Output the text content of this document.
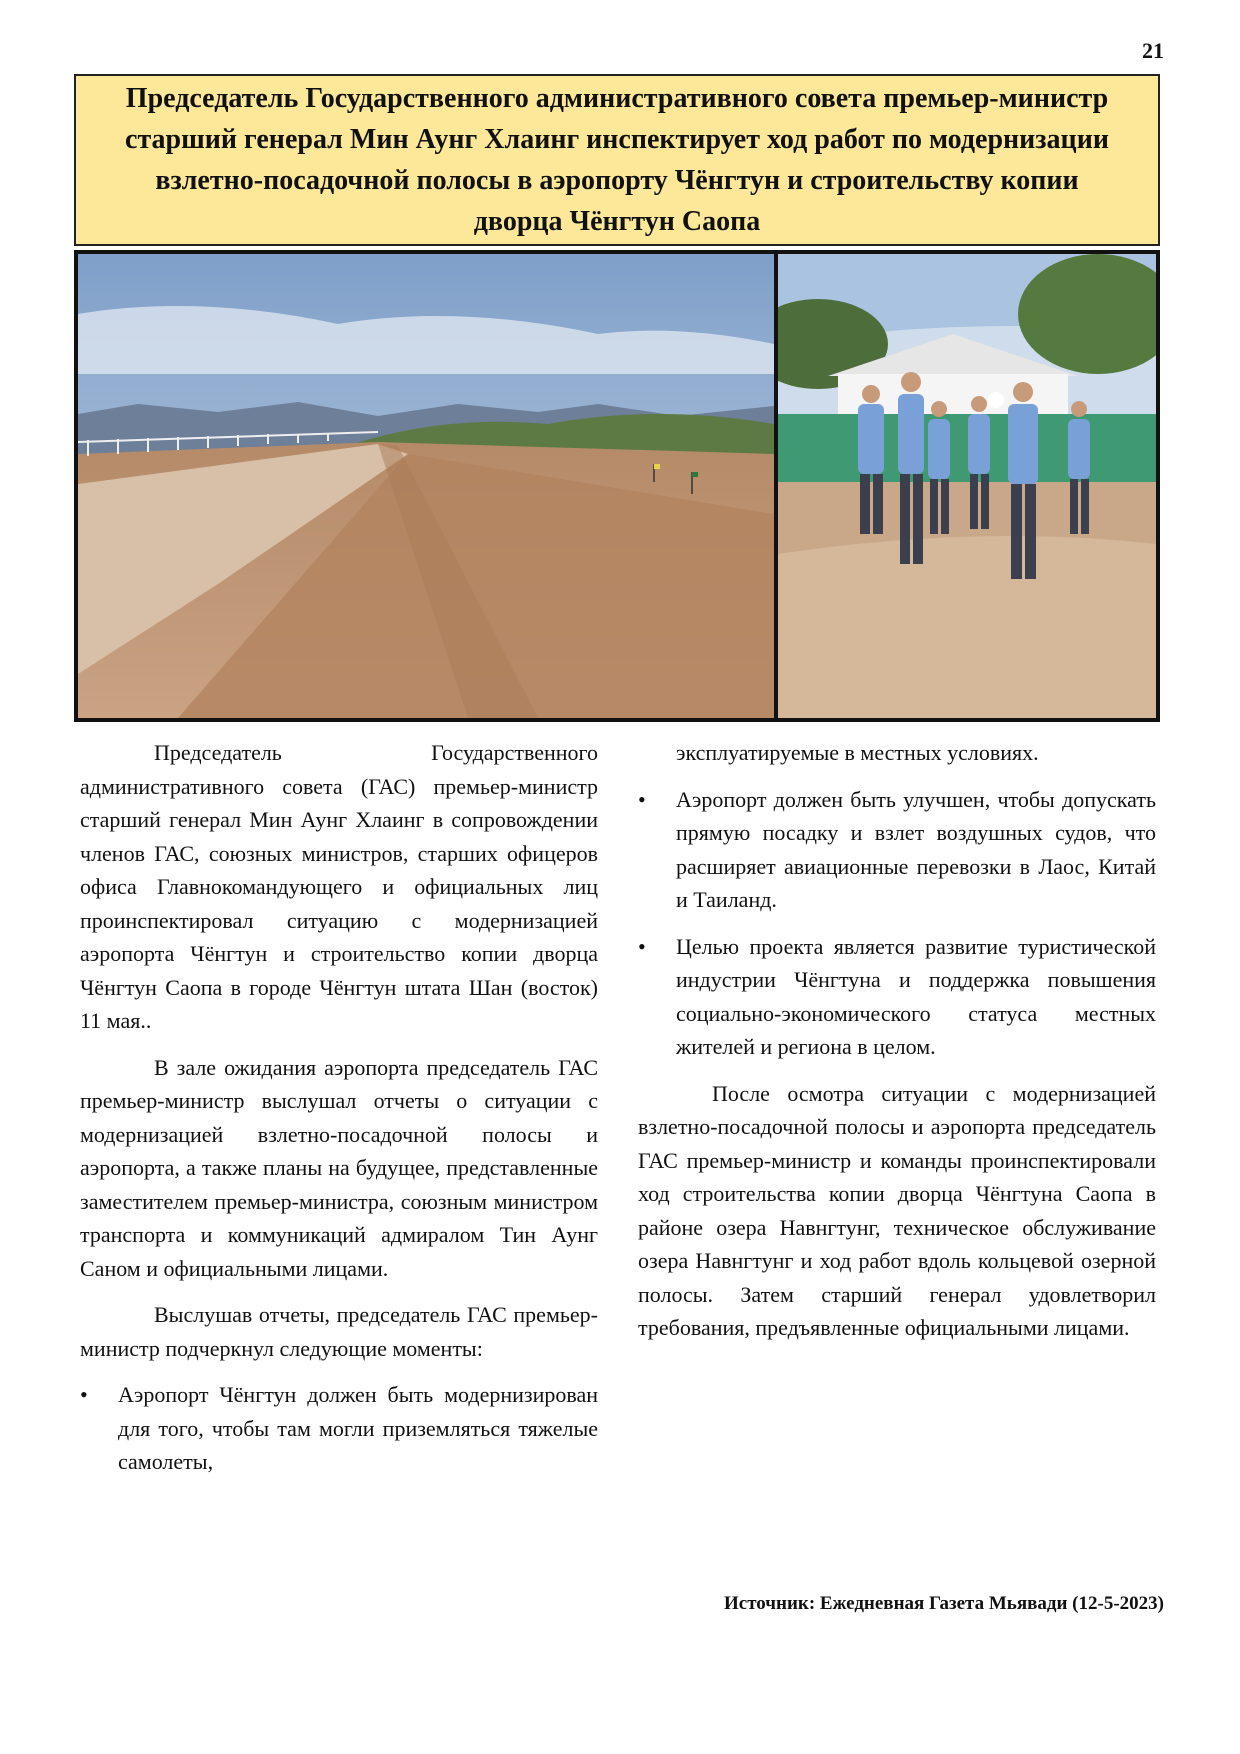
21
Председатель Государственного административного совета премьер-министр старший генерал Мин Аунг Хлаинг инспектирует ход работ по модернизации взлетно-посадочной полосы в аэропорту Чёнгтун и строительству копии дворца Чёнгтун Саопа

Председатель Государственного административного совета (ГАС) премьер-министр старший генерал Мин Аунг Хлаинг в сопровождении членов ГАС, союзных министров, старших офицеров офиса Главнокомандующего и официальных лиц проинспектировал ситуацию с модернизацией аэропорта Чёнгтун и строительство копии дворца Чёнгтун Саопа в городе Чёнгтун штата Шан (восток) 11 мая..

В зале ожидания аэропорта председатель ГАС премьер-министр выслушал отчеты о ситуации с модернизацией взлетно-посадочной полосы и аэропорта, а также планы на будущее, представленные заместителем премьер-министра, союзным министром транспорта и коммуникаций адмиралом Тин Аунг Саном и официальными лицами.

Выслушав отчеты, председатель ГАС премьер-министр подчеркнул следующие моменты:

• Аэропорт Чёнгтун должен быть модернизирован для того, чтобы там могли приземляться тяжелые самолеты,

эксплуатируемые в местных условиях.

• Аэропорт должен быть улучшен, чтобы допускать прямую посадку и взлет воздушных судов, что расширяет авиационные перевозки в Лаос, Китай и Таиланд.
• Целью проекта является развитие туристической индустрии Чёнгтуна и поддержка повышения социально-экономического статуса местных жителей и региона в целом.

После осмотра ситуации с модернизацией взлетно-посадочной полосы и аэропорта председатель ГАС премьер-министр и команды проинспектировали ход строительства копии дворца Чёнгтуна Саопа в районе озера Навнгтунг, техническое обслуживание озера Навнгтунг и ход работ вдоль кольцевой озерной полосы. Затем старший генерал удовлетворил требования, предъявленные официальными лицами.

Источник: Ежедневная Газета Мьявади (12-5-2023)
